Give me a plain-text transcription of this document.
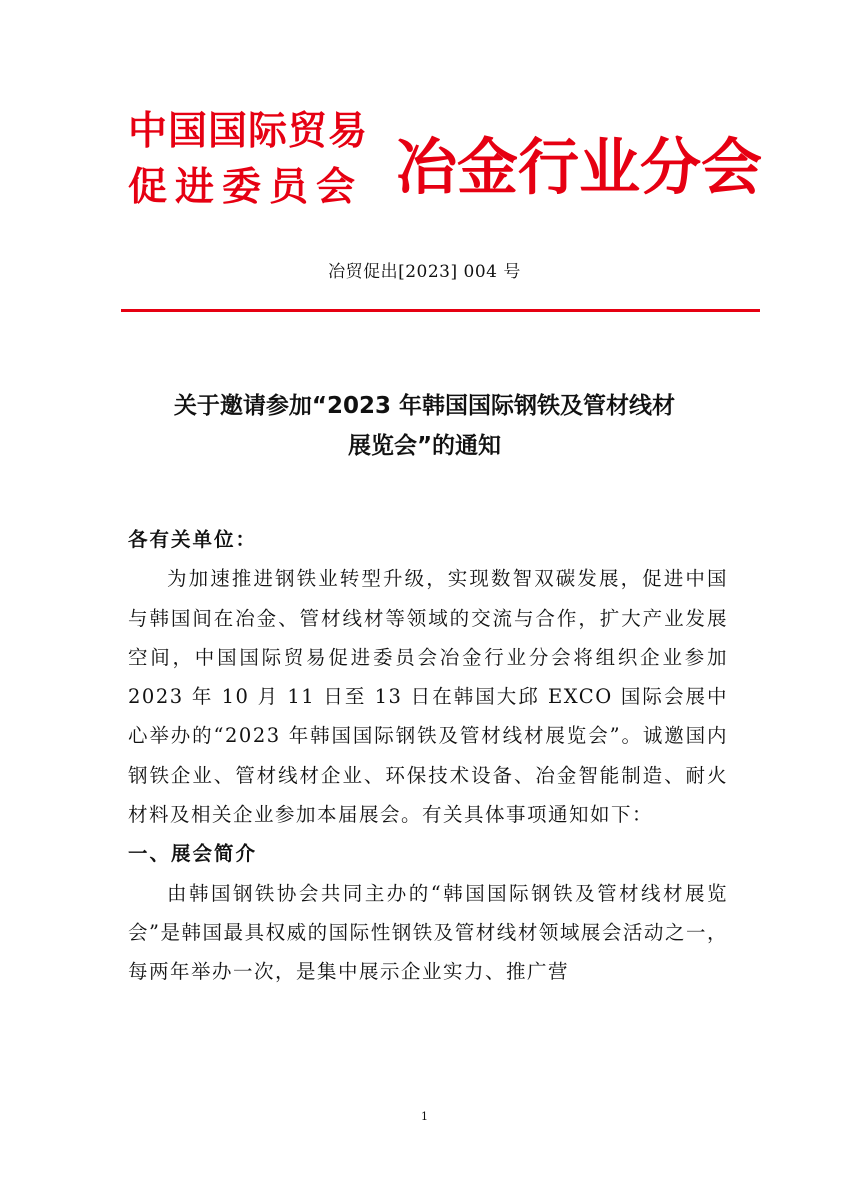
中国国际贸易
促进委员会 冶金行业分会
冶贸促出[2023] 004 号
关于邀请参加“2023 年韩国国际钢铁及管材线材
展览会”的通知

各有关单位：

为加速推进钢铁业转型升级，实现数智双碳发展，促进中国与韩国间在冶金、管材线材等领域的交流与合作，扩大产业发展空间，中国国际贸易促进委员会冶金行业分会将组织企业参加 2023 年 10 月 11 日至 13 日在韩国大邱 EXCO 国际会展中心举办的“2023 年韩国国际钢铁及管材线材展览会”。诚邀国内钢铁企业、管材线材企业、环保技术设备、冶金智能制造、耐火材料及相关企业参加本届展会。有关具体事项通知如下：

一、展会简介

由韩国钢铁协会共同主办的“韩国国际钢铁及管材线材展览会”是韩国最具权威的国际性钢铁及管材线材领域展会活动之一，每两年举办一次，是集中展示企业实力、推广营

1
